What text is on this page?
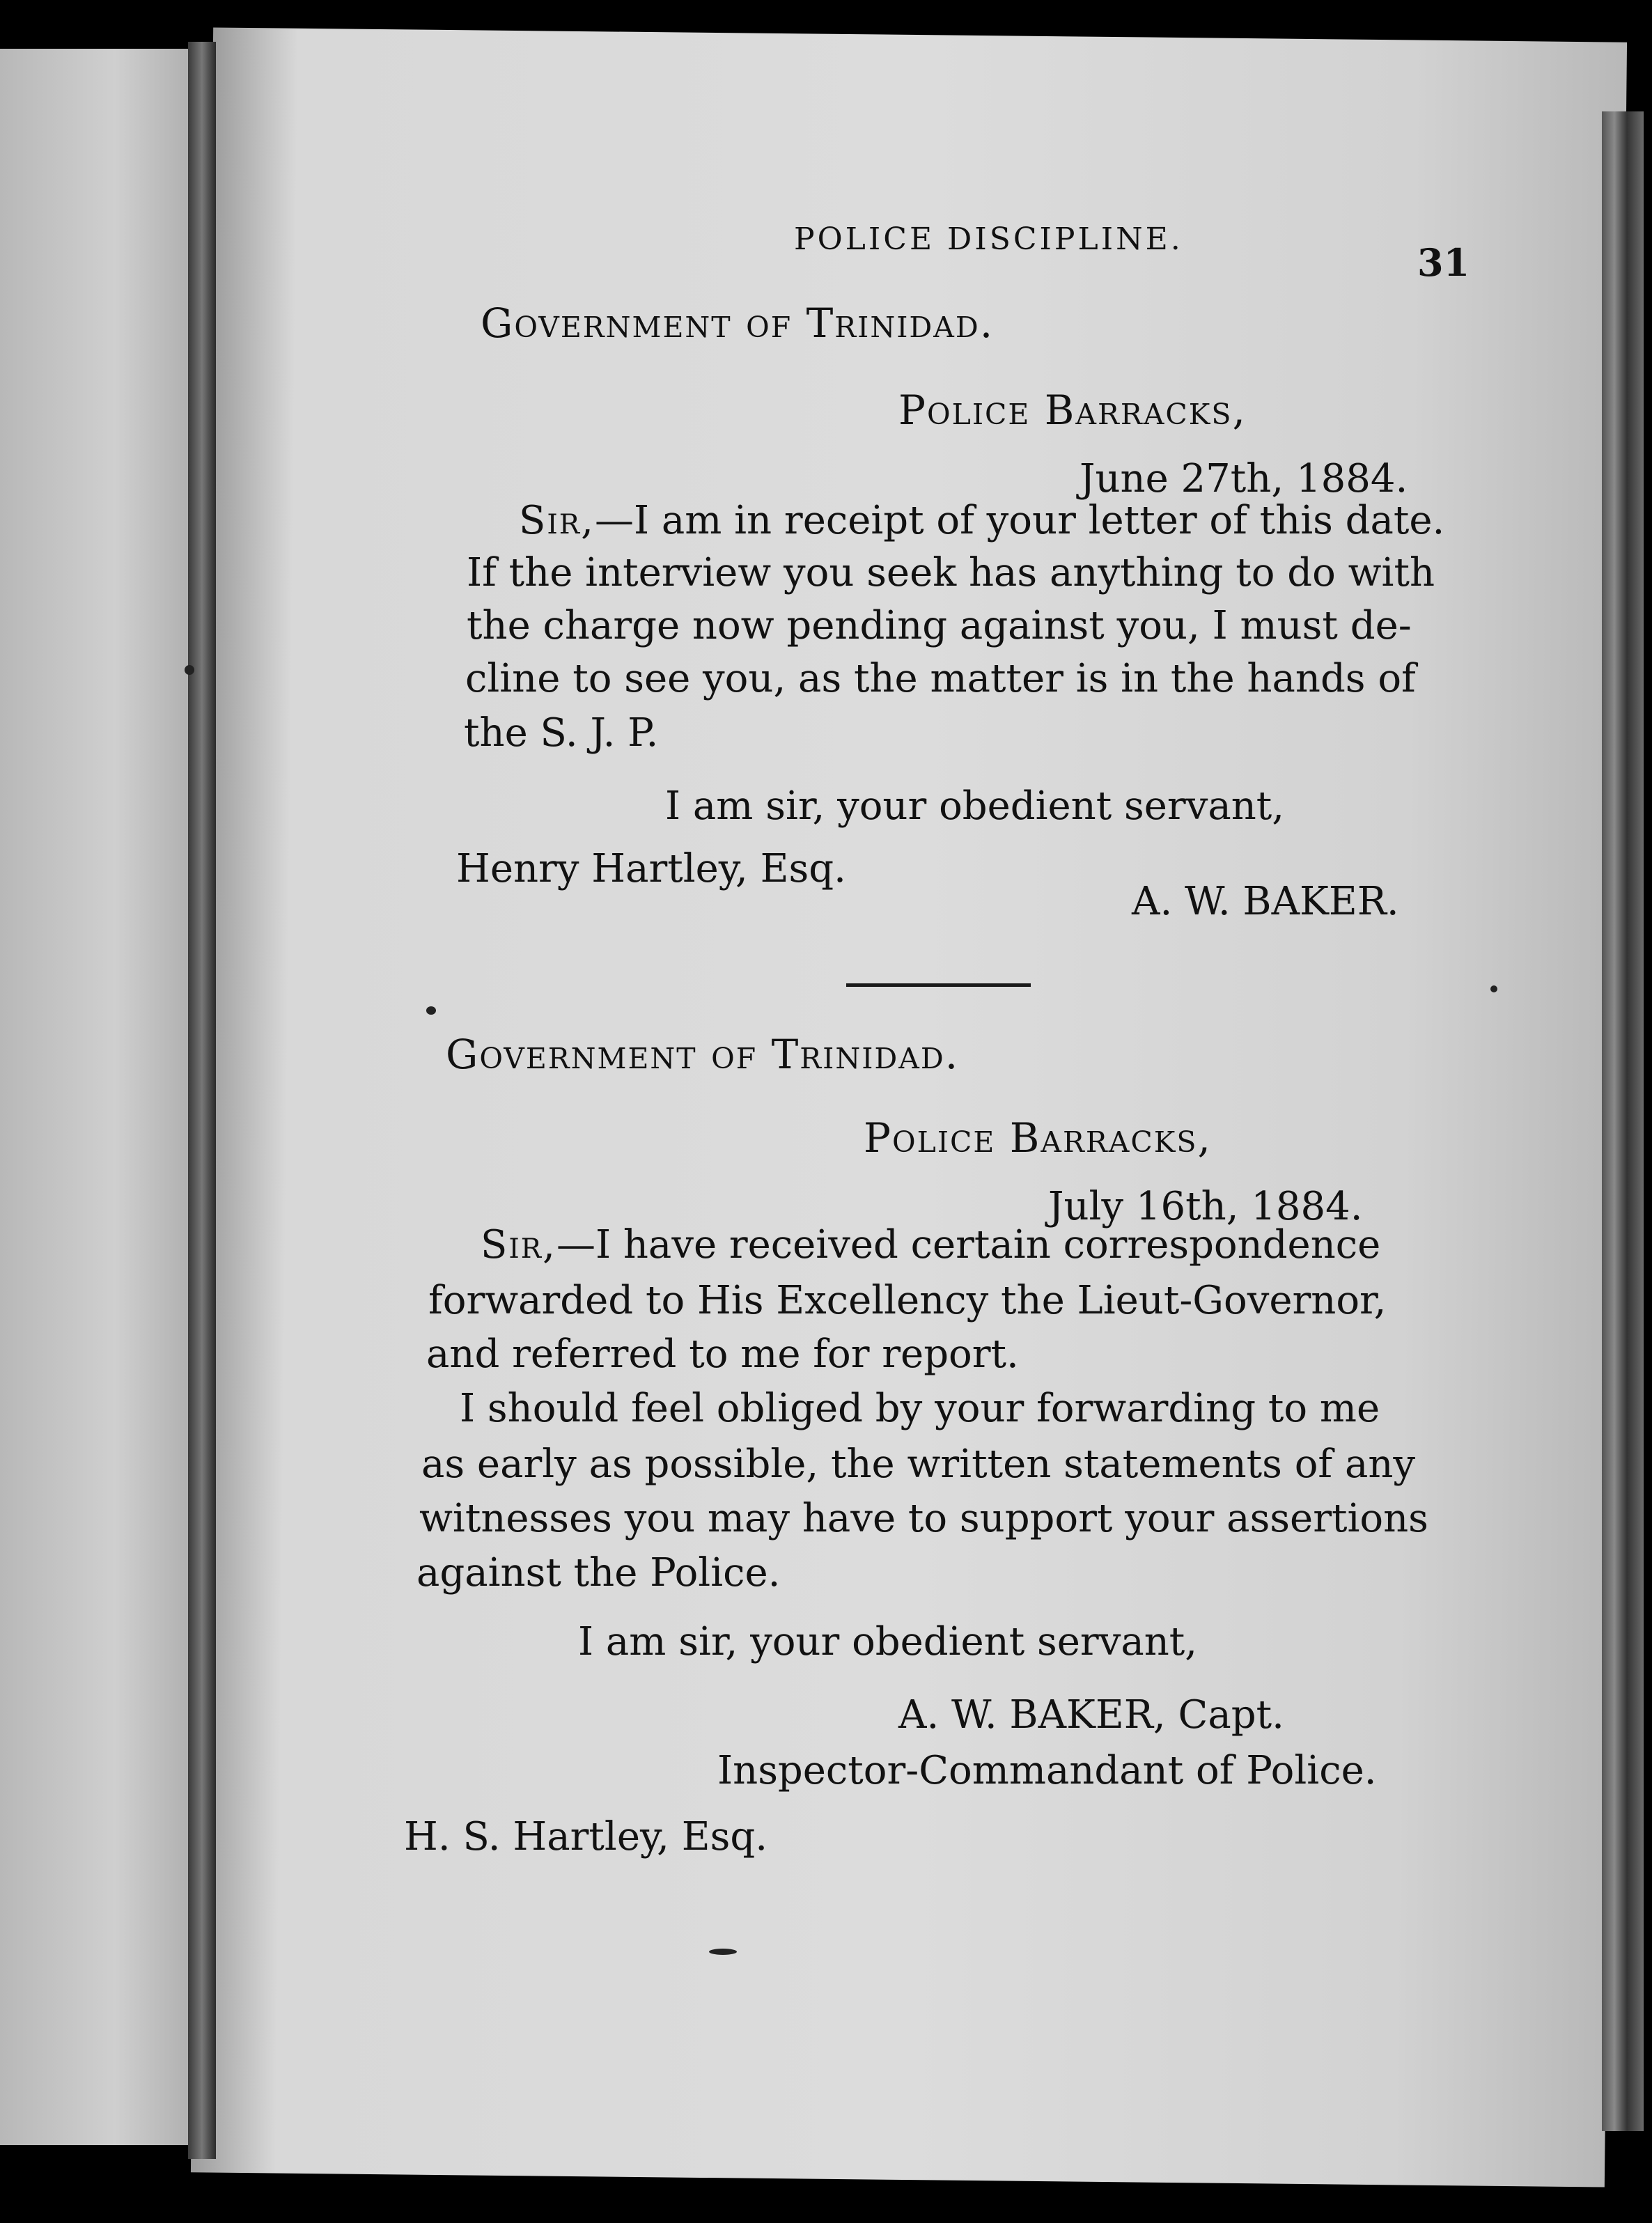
POLICE DISCIPLINE.

31

Government of Trinidad.

Police Barracks,

June 27th, 1884.

Sir,—I am in receipt of your letter of this date.

If the interview you seek has anything to do with

the charge now pending against you, I must de-

cline to see you, as the matter is in the hands of

the S. J. P.

I am sir, your obedient servant,

Henry Hartley, Esq.

A. W. BAKER.

Government of Trinidad.

Police Barracks,

July 16th, 1884.

Sir,—I have received certain correspondence

forwarded to His Excellency the Lieut-Governor,

and referred to me for report.

I should feel obliged by your forwarding to me

as early as possible, the written statements of any

witnesses you may have to support your assertions

against the Police.

I am sir, your obedient servant,

A. W. BAKER, Capt.

Inspector-Commandant of Police.

H. S. Hartley, Esq.
